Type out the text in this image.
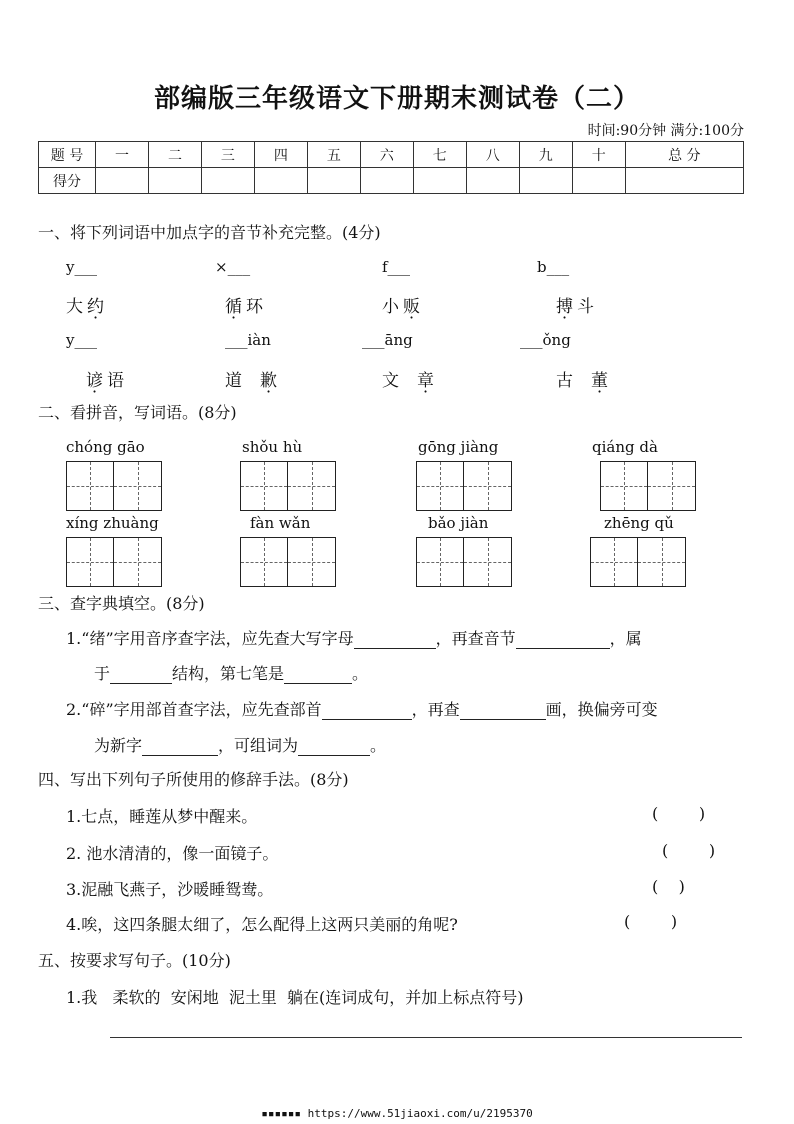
部编版三年级语文下册期末测试卷（二）
时间:90分钟 满分:100分
题 号	一	二	三	四	五	六	七	八	九	十	总 分
得分											
一、将下列词语中加点字的音节补充完整。(4分)
y___	×___	f___	b___
大约	循环	小贩	搏斗
y___	___iàn	___āng	___ǒng
谚语	道歉	文章	古董
二、看拼音，写词语。(8分)
chóng gāo	shǒu hù	gōng jiàng	qiáng dà
xíng zhuàng	fàn wǎn	bǎo jiàn	zhēng qǔ
三、查字典填空。(8分)
1.“绪”字用音序查字法，应先查大写字母	，再查音节	，属
于	结构，第七笔是	。
2.“碎”字用部首查字法，应先查部首	，再查	画，换偏旁可变
为新字	，可组词为	。
四、写出下列句子所使用的修辞手法。(8分)
1.七点，睡莲从梦中醒来。	(        )
2. 池水清清的，像一面镜子。	(        )
3.泥融飞燕子，沙暖睡鸳鸯。	(    )
4.唉，这四条腿太细了，怎么配得上这两只美丽的角呢?	(        )
五、按要求写句子。(10分)
1.我   柔软的  安闲地  泥土里  躺在(连词成句，并加上标点符号)
▪▪▪▪▪▪ https://www.51jiaoxi.com/u/2195370
